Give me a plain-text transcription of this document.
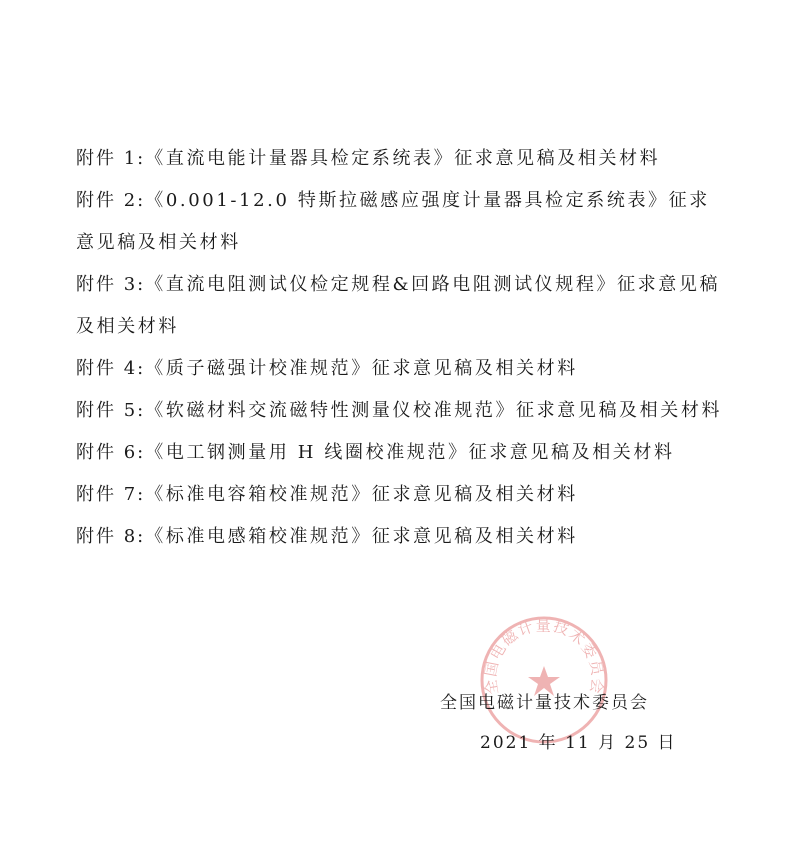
附件 1:《直流电能计量器具检定系统表》征求意见稿及相关材料

附件 2:《0.001-12.0 特斯拉磁感应强度计量器具检定系统表》征求意见稿及相关材料

附件 3:《直流电阻测试仪检定规程&回路电阻测试仪规程》征求意见稿及相关材料

附件 4:《质子磁强计校准规范》征求意见稿及相关材料

附件 5:《软磁材料交流磁特性测量仪校准规范》征求意见稿及相关材料

附件 6:《电工钢测量用 H 线圈校准规范》征求意见稿及相关材料

附件 7:《标准电容箱校准规范》征求意见稿及相关材料

附件 8:《标准电感箱校准规范》征求意见稿及相关材料

全国电磁计量技术委员会

全国电磁计量技术委员会

2021 年 11 月 25 日
